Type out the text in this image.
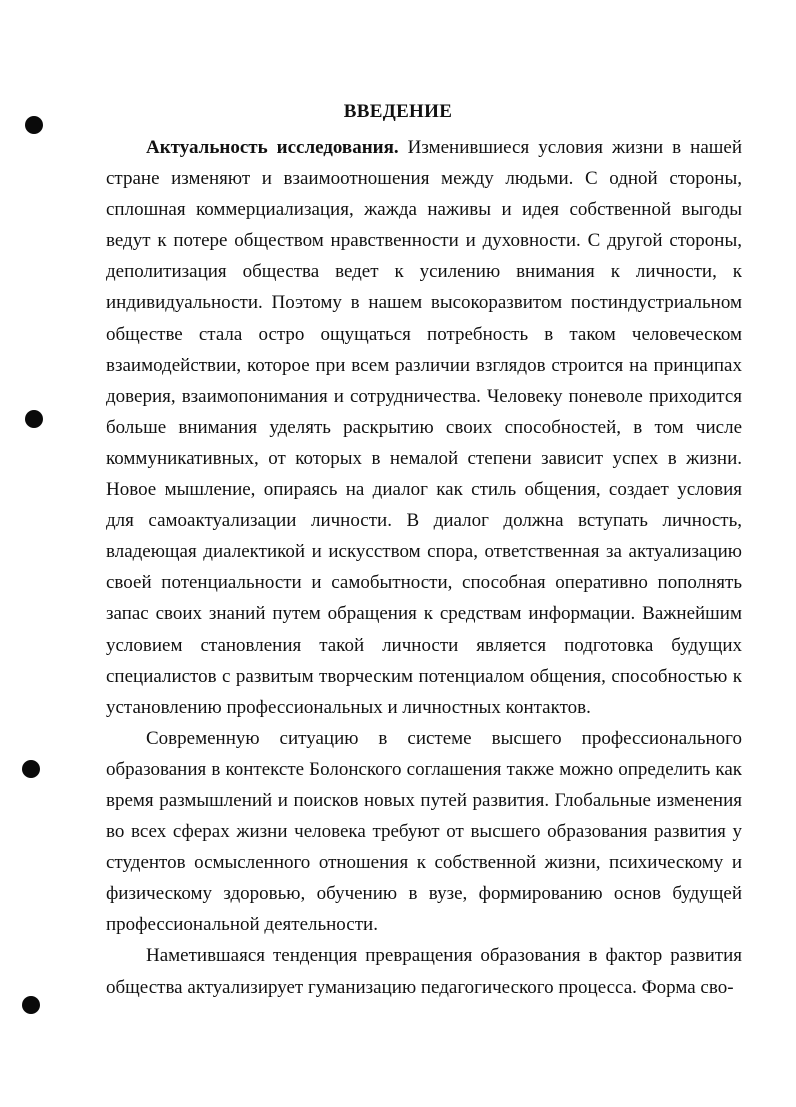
ВВЕДЕНИЕ

Актуальность исследования. Изменившиеся условия жизни в нашей стране изменяют и взаимоотношения между людьми. С одной стороны, сплошная коммерциализация, жажда наживы и идея собственной выгоды ведут к потере обществом нравственности и духовности. С другой стороны, деполитизация общества ведет к усилению внимания к личности, к индивидуальности. Поэтому в нашем высокоразвитом постиндустриальном обществе стала остро ощущаться потребность в таком человеческом взаимодействии, которое при всем различии взглядов строится на принципах доверия, взаимопонимания и сотрудничества. Человеку поневоле приходится больше внимания уделять раскрытию своих способностей, в том числе коммуникативных, от которых в немалой степени зависит успех в жизни. Новое мышление, опираясь на диалог как стиль общения, создает условия для самоактуализации личности. В диалог должна вступать личность, владеющая диалектикой и искусством спора, ответственная за актуализацию своей потенциальности и самобытности, способная оперативно пополнять запас своих знаний путем обращения к средствам информации. Важнейшим условием становления такой личности является подготовка будущих специалистов с развитым творческим потенциалом общения, способностью к установлению профессиональных и личностных контактов.

Современную ситуацию в системе высшего профессионального образования в контексте Болонского соглашения также можно определить как время размышлений и поисков новых путей развития. Глобальные изменения во всех сферах жизни человека требуют от высшего образования развития у студентов осмысленного отношения к собственной жизни, психическому и физическому здоровью, обучению в вузе, формированию основ будущей профессиональной деятельности.

Наметившаяся тенденция превращения образования в фактор развития общества актуализирует гуманизацию педагогического процесса. Форма сво-
